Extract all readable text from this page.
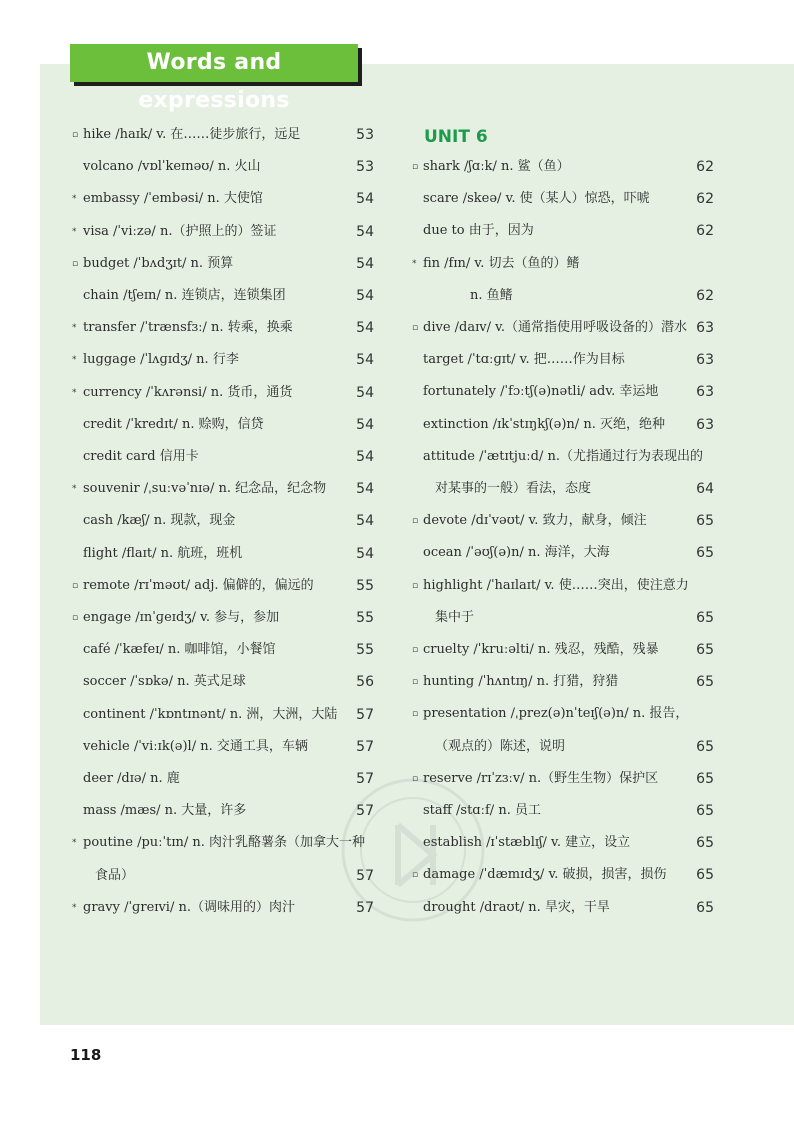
Words and expressions
UNIT 6
▫ hike /haɪk/ v. 在……徒步旅行，远足	53
volcano /vɒlˈkeɪnəʊ/ n. 火山	53
* embassy /ˈembəsi/ n. 大使馆	54
* visa /ˈviːzə/ n.（护照上的）签证	54
▫ budget /ˈbʌdʒɪt/ n. 预算	54
chain /tʃeɪn/ n. 连锁店，连锁集团	54
* transfer /ˈtrænsfɜː/ n. 转乘，换乘	54
* luggage /ˈlʌɡɪdʒ/ n. 行李	54
* currency /ˈkʌrənsi/ n. 货币，通货	54
credit /ˈkredɪt/ n. 赊购，信贷	54
credit card 信用卡	54
* souvenir /ˌsuːvəˈnɪə/ n. 纪念品，纪念物	54
cash /kæʃ/ n. 现款，现金	54
flight /flaɪt/ n. 航班，班机	54
▫ remote /rɪˈməʊt/ adj. 偏僻的，偏远的	55
▫ engage /ɪnˈɡeɪdʒ/ v. 参与，参加	55
café /ˈkæfeɪ/ n. 咖啡馆，小餐馆	55
soccer /ˈsɒkə/ n. 英式足球	56
continent /ˈkɒntɪnənt/ n. 洲，大洲，大陆	57
vehicle /ˈviːɪk(ə)l/ n. 交通工具，车辆	57
deer /dɪə/ n. 鹿	57
mass /mæs/ n. 大量，许多	57
* poutine /puːˈtɪn/ n. 肉汁乳酪薯条（加拿大一种
食品）	57
* gravy /ˈɡreɪvi/ n.（调味用的）肉汁	57
▫ shark /ʃɑːk/ n. 鲨（鱼）	62
scare /skeə/ v. 使（某人）惊恐，吓唬	62
due to 由于，因为	62
* fin /fɪn/ v. 切去（鱼的）鳍
n. 鱼鳍	62
▫ dive /daɪv/ v.（通常指使用呼吸设备的）潜水 63
target /ˈtɑːɡɪt/ v. 把……作为目标	63
fortunately /ˈfɔːtʃ(ə)nətli/ adv. 幸运地	63
extinction /ɪkˈstɪŋkʃ(ə)n/ n. 灭绝，绝种	63
attitude /ˈætɪtjuːd/ n.（尤指通过行为表现出的
对某事的一般）看法，态度	64
▫ devote /dɪˈvəʊt/ v. 致力，献身，倾注	65
ocean /ˈəʊʃ(ə)n/ n. 海洋，大海	65
▫ highlight /ˈhaɪlaɪt/ v. 使……突出，使注意力
集中于	65
▫ cruelty /ˈkruːəlti/ n. 残忍，残酷，残暴	65
▫ hunting /ˈhʌntɪŋ/ n. 打猎，狩猎	65
▫ presentation /ˌprez(ə)nˈteɪʃ(ə)n/ n. 报告，
（观点的）陈述，说明	65
▫ reserve /rɪˈzɜːv/ n.（野生生物）保护区	65
staff /stɑːf/ n. 员工	65
establish /ɪˈstæblɪʃ/ v. 建立，设立	65
▫ damage /ˈdæmɪdʒ/ v. 破损，损害，损伤	65
drought /draʊt/ n. 旱灾，干旱	65
118
